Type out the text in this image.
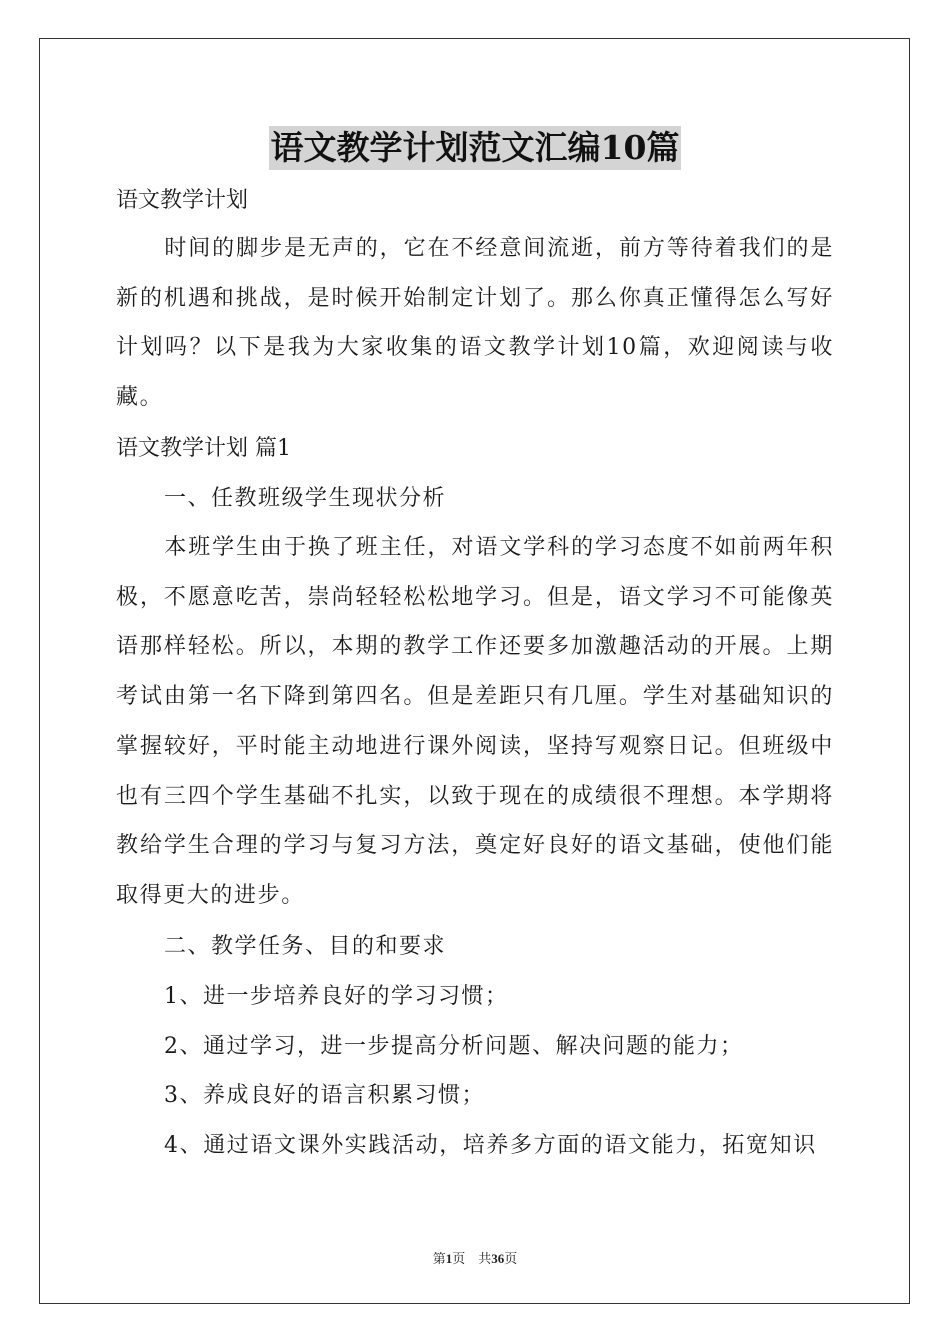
语文教学计划范文汇编10篇
语文教学计划
时间的脚步是无声的，它在不经意间流逝，前方等待着我们的是新的机遇和挑战，是时候开始制定计划了。那么你真正懂得怎么写好计划吗？以下是我为大家收集的语文教学计划10篇，欢迎阅读与收藏。
语文教学计划 篇1
一、任教班级学生现状分析
本班学生由于换了班主任，对语文学科的学习态度不如前两年积极，不愿意吃苦，崇尚轻轻松松地学习。但是，语文学习不可能像英语那样轻松。所以，本期的教学工作还要多加激趣活动的开展。上期考试由第一名下降到第四名。但是差距只有几厘。学生对基础知识的掌握较好，平时能主动地进行课外阅读，坚持写观察日记。但班级中也有三四个学生基础不扎实，以致于现在的成绩很不理想。本学期将教给学生合理的学习与复习方法，奠定好良好的语文基础，使他们能取得更大的进步。
二、教学任务、目的和要求
1、进一步培养良好的学习习惯；
2、通过学习，进一步提高分析问题、解决问题的能力；
3、养成良好的语言积累习惯；
4、通过语文课外实践活动，培养多方面的语文能力，拓宽知识
第1页　共36页
